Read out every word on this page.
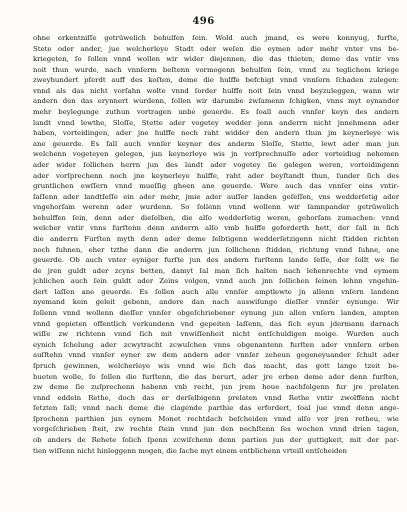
496
ohne erkentniſſe getrüwelich behulfen ſein. Wold auch jmand, es were konnyug, furſte,
Stete oder ander, jue welcherleye Stadt oder weſen die eymen ader mehr vnter vns be-
kriegeten, ſo ſollen vnnd wollen wir wider diejennen, die das thieten, deme das vntir vns
noit thun wurde, nach vnnſerm beſtenn vormogenn behulfen ſein, vnnd zu teglichem kriege
zweyhundert pferdt auff des koſten, deme die hulffe befchigt vnnd vnnſern ſchaden zulegen:
vnnd als das nicht vorſahn wolte vnnd ſorder hulffe noit ſein vnnd beyzuleggen, wann wir
andern den das erynnert wurdenn, ſollen wir darumbe zwſamenn ſchigken, vnns myt eynander
mehr beylegunge zuthun vortragen unbe geuerde. Es ſoall auch vnnſer keyn des andern
landt vnnd lewthe, Sloſſe, Stette ader vogetey wedder jenn anderrn nicht jnnehmenn ader
haben, vorteidingen, ader jne hulffe noch raht widder den andern thun jm keynerleye wis
ane geuerde. Es ſall auch vnnſer keyner des anderm Sloſſe, Stette, lewt ader man jun
welchenn vogeteyen gelegen, jun keynerleye wis jn vorſprechnuſſe ader vorteidiug nehemen
ader wider ſollichen herrn jun des landt ader vogetey ſie gelegen weren, vorteidingenn
ader vorſprechenn noch jne keynerleye hulffe, raht ader beyſtandt thun, ſunder ſich des
gruntlichen ewſſern vnnd mueſſig gheen ane geuerde. Were auch das vnnſer eins vntir-
ſaſſenn ader landtſeſſe ein ader mehr, jmie ader auſſer landen geſeſſen, vns wedderſetig ader
vngehorſam werenn ader wurdenn. So ſollenn vnnd wollenn wir ſamnpander getrüwelich
behulffen ſein, denn ader dieſelben, die alſo wedderſetig weren, gehorſam zumachen: vnnd
welcher vntir vnns furſtenn denn anderrn alſo vmb hulffe geforderth hett, der ſall in ſich
die anderrn Furſten myth denn ader deme ſelbtigenn wedderſetzigenn nicht ſtidden richten
noch fuhnen, eher tzthe dann die anderrn jun ſollichenn ſtidden, richtung vnnd ſuhne, ane
geuerde. Ob auch vnter eyniger furſte jun des andern furſtenn lande ſeſſe, der ſollt we ſie
de jren guldt ader zcyns betten, damyt ſal man ſich halten nach lehenrechte vnd eymem
jchlichen auch ſein guldt ader Zeins volgen, vnnd auch jnn ſollichen ſeinen lehnn vngehin-
dert laſſen ane geuerde. Es ſollen auch alle vnnſer amptlewte jn allenn vnſern landenn
nyemand kein geleit gebenn, andere dan nach auswiſunge dieſſer vnnſer eynunge. Wir
ſollenn vnnd wollenn dieſſer vnnſer obgeſchriebener eynung jun allen vnſern landen, ampten
vnnd gepieten offentlich verkundenn vnd gepeiten laſſenn, das ſich eyun jdermann darnach
wiſſe zw richtenn vnnd ſich mit vnwiſſenheit nicht entſchuldigen moige. Wurden auch
eynich ſchelung ader zcwytracht zcwuſchen vnns obgenantenn furſten ader vnnſern erben
auſſtehn vnnd vnnſer eyner zw dem andern ader vnnſer zeheun gegeneyuander ſchult ader
ſpruch gewinnen, welcherleye wis vnnd wie ſich das macht, das gott lange tzeit be-
hueten wolle, ſo ſollen die furſtenn, die das berurt, ader jre erben deme ader denn furſten,
zw deme ſie zuſprechenn habenn vnb recht, jun jrem houe nachfolgenn fur jre prelaten
vnnd eddeln Rethe, doch das er derſelbigenn prelaten vnnd Rethe vntir zwolffenn nicht
ſetzten ſall; vnnd nach deme die clagende parthie das erfordert, ſoal jue vnnd denn ange-
ſprochenn parthien jun eynem Monet rechtdach beſcheiden vnnd alſo vor jren retheu, wie
vorgeſchrieben ſteit, zw rechte ſtein vnnd jun den nechſtenn ſes wochen vnnd drien tagen,
ob anders de Rehete ſolich ſpenn zcwiſchenn denn partien jun der guttigkeit, mit der par-
tien wiſſenn nicht hinleggenn mogen, die ſache myt einem entblichenn vrteill entſcheiden
